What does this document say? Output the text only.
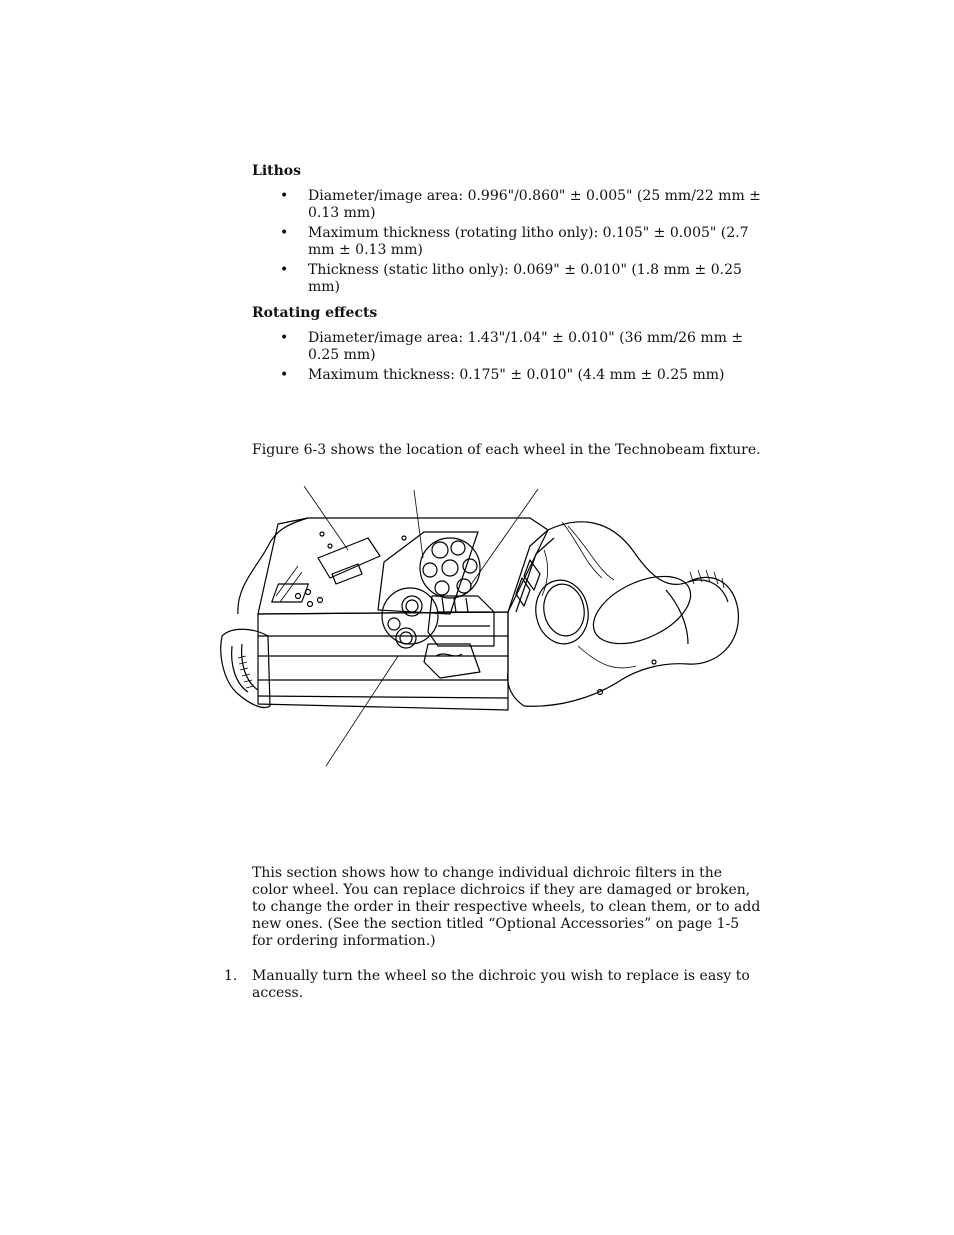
Lithos
• Diameter/image area: 0.996"/0.860" ± 0.005" (25 mm/22 mm ± 0.13 mm)
• Maximum thickness (rotating litho only): 0.105" ± 0.005" (2.7 mm ± 0.13 mm)
• Thickness (static litho only): 0.069" ± 0.010" (1.8 mm ± 0.25 mm)
Rotating effects
• Diameter/image area: 1.43"/1.04" ± 0.010" (36 mm/26 mm ± 0.25 mm)
• Maximum thickness: 0.175" ± 0.010" (4.4 mm ± 0.25 mm)

Figure 6-3 shows the location of each wheel in the Technobeam fixture.

This section shows how to change individual dichroic filters in the color wheel. You can replace dichroics if they are damaged or broken, to change the order in their respective wheels, to clean them, or to add new ones. (See the section titled “Optional Accessories” on page 1-5 for ordering information.)

1. Manually turn the wheel so the dichroic you wish to replace is easy to access.
